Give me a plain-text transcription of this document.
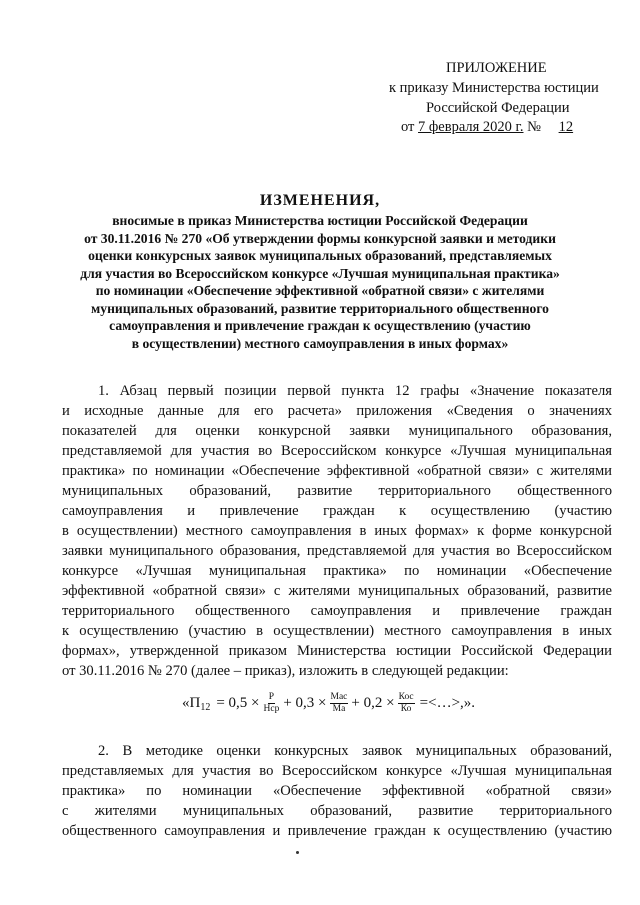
ПРИЛОЖЕНИЕ
к приказу Министерства юстиции
Российской Федерации
от 7 февраля 2020 г. № 12
ИЗМЕНЕНИЯ,
вносимые в приказ Министерства юстиции Российской Федерации
от 30.11.2016 № 270 «Об утверждении формы конкурсной заявки и методики
оценки конкурсных заявок муниципальных образований, представляемых
для участия во Всероссийском конкурсе «Лучшая муниципальная практика»
по номинации «Обеспечение эффективной «обратной связи» с жителями
муниципальных образований, развитие территориального общественного
самоуправления и привлечение граждан к осуществлению (участию
в осуществлении) местного самоуправления в иных формах»
1. Абзац первый позиции первой пункта 12 графы «Значение показателя
и исходные данные для его расчета» приложения «Сведения о значениях
показателей для оценки конкурсной заявки муниципального образования,
представляемой для участия во Всероссийском конкурсе «Лучшая муниципальная
практика» по номинации «Обеспечение эффективной «обратной связи» с жителями
муниципальных образований, развитие территориального общественного
самоуправления и привлечение граждан к осуществлению (участию
в осуществлении) местного самоуправления в иных формах» к форме конкурсной
заявки муниципального образования, представляемой для участия во Всероссийском
конкурсе «Лучшая муниципальная практика» по номинации «Обеспечение
эффективной «обратной связи» с жителями муниципальных образований, развитие
территориального общественного самоуправления и привлечение граждан
к осуществлению (участию в осуществлении) местного самоуправления в иных
формах», утвержденной приказом Министерства юстиции Российской Федерации
от 30.11.2016 № 270 (далее – приказ), изложить в следующей редакции:
«П $12 = 0,5 \times \frac{Р}{\text{Нср}} + 0,3 \times \frac{\text{Мас}}{Ма} + 0,2 \times \frac{\text{Кос}}{Ко}$ =<…>,».
2. В методике оценки конкурсных заявок муниципальных образований,
представляемых для участия во Всероссийском конкурсе «Лучшая муниципальная
практика» по номинации «Обеспечение эффективной «обратной связи»
с жителями муниципальных образований, развитие территориального
общественного самоуправления и привлечение граждан к осуществлению (участию
